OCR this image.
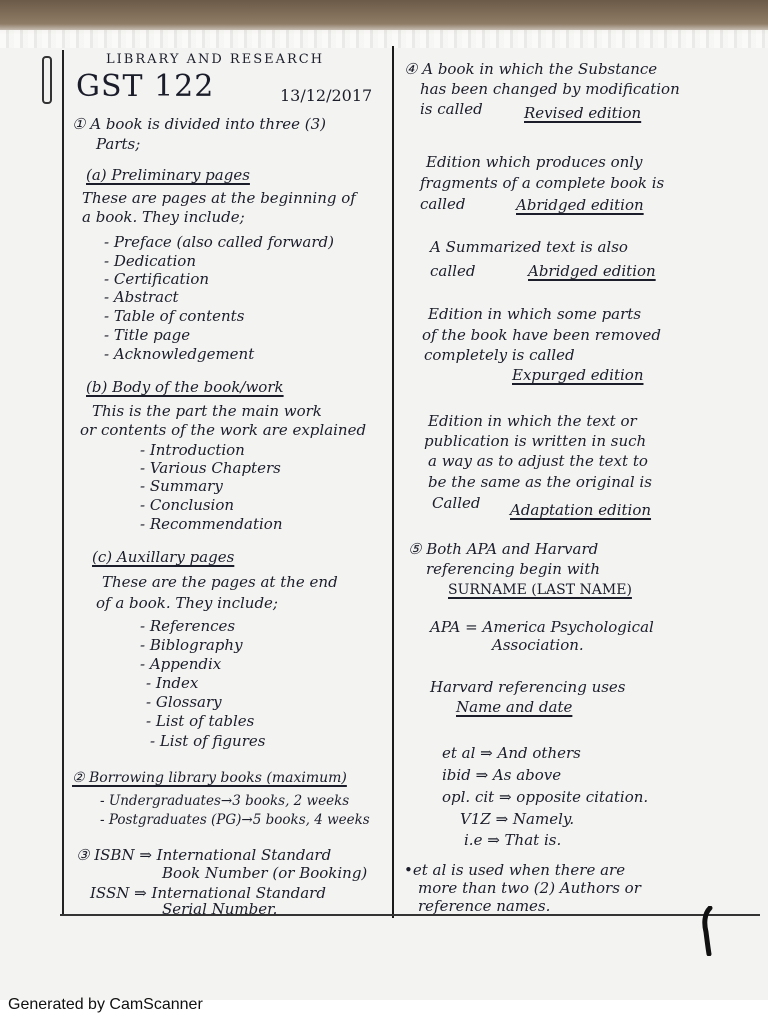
LIBRARY AND RESEARCH

GST 122	13/12/2017

① A book is divided into three (3)

Parts;

(a) Preliminary pages

These are pages at the beginning of

a book. They include;

- Preface (also called forward)

- Dedication

- Certification

- Abstract

- Table of contents

- Title page

- Acknowledgement

(b) Body of the book/work

This is the part the main work

or contents of the work are explained

- Introduction

- Various Chapters

- Summary

- Conclusion

- Recommendation

(c) Auxillary pages

These are the pages at the end

of a book. They include;

- References

- Biblography

- Appendix

- Index

- Glossary

- List of tables

- List of figures

② Borrowing library books (maximum)

- Undergraduates→3 books, 2 weeks

- Postgraduates (PG)→5 books, 4 weeks

③ ISBN ⇒ International Standard

Book Number (or Booking)

ISSN ⇒ International Standard

Serial Number.

④ A book in which the Substance

has been changed by modification

is called	Revised edition

Edition which produces only

fragments of a complete book is

called	Abridged edition

A Summarized text is also

called	Abridged edition

Edition in which some parts

of the book have been removed

completely is called

Expurged edition

Edition in which the text or

publication is written in such

a way as to adjust the text to

be the same as the original is

Called Adaptation edition

⑤ Both APA and Harvard

referencing begin with

SURNAME (LAST NAME)

APA = America Psychological

Association.

Harvard referencing uses

Name and date

et al ⇒ And others

ibid ⇒ As above

opl. cit ⇒ opposite citation.

V1Z ⇒ Namely.

i.e ⇒ That is.

•et al is used when there are

more than two (2) Authors or

reference names.

Generated by CamScanner
